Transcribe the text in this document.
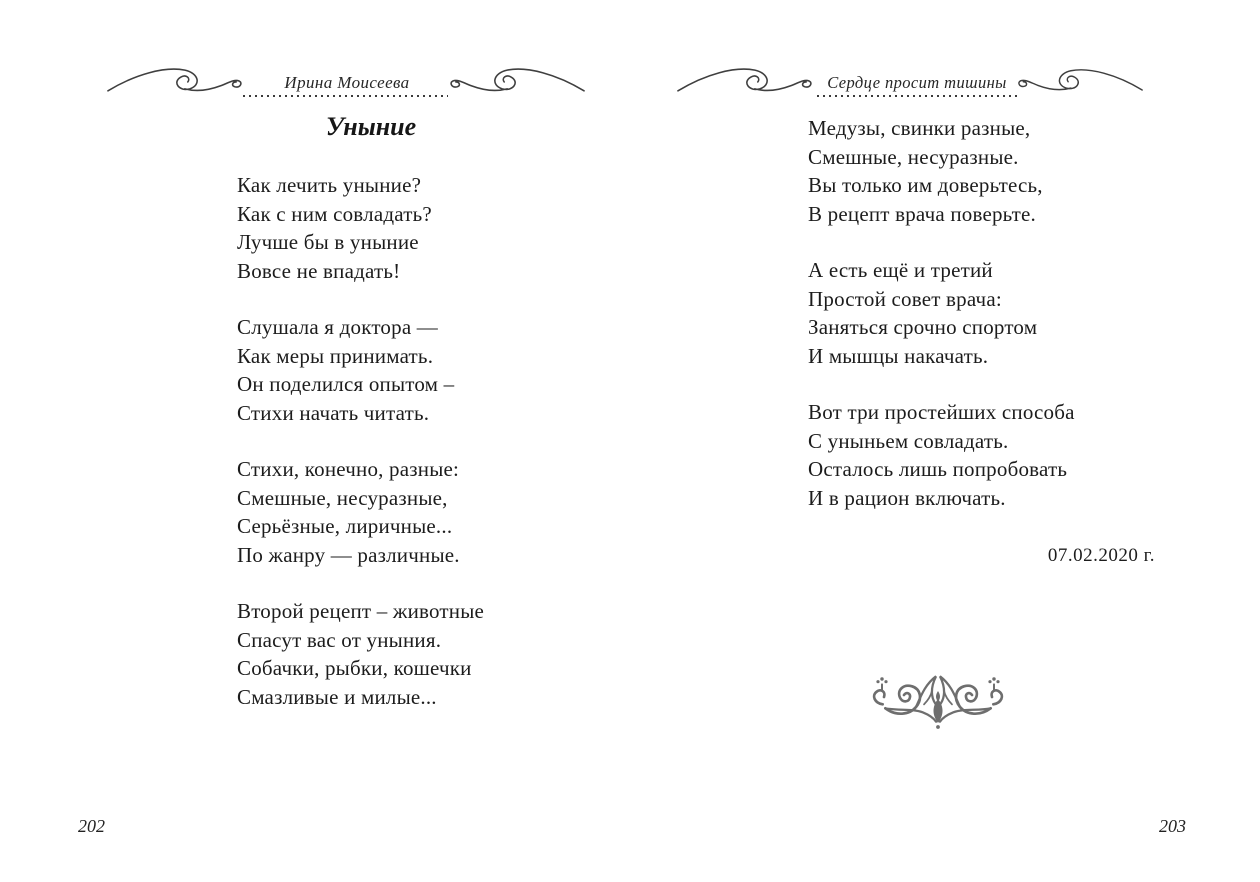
Ирина Моисеева	Сердце просит тишины
Уныние
Как лечить уныние?
Как с ним совладать?
Лучше бы в уныние
Вовсе не впадать!
Слушала я доктора —
Как меры принимать.
Он поделился опытом –
Стихи начать читать.
Стихи, конечно, разные:
Смешные, несуразные,
Серьёзные, лиричные...
По жанру — различные.
Второй рецепт – животные
Спасут вас от уныния.
Собачки, рыбки, кошечки
Смазливые и милые...
Медузы, свинки разные,
Смешные, несуразные.
Вы только им доверьтесь,
В рецепт врача поверьте.
А есть ещё и третий
Простой совет врача:
Заняться срочно спортом
И мышцы накачать.
Вот три простейших способа
С уныньем совладать.
Осталось лишь попробовать
И в рацион включать.
07.02.2020 г.
202	203
